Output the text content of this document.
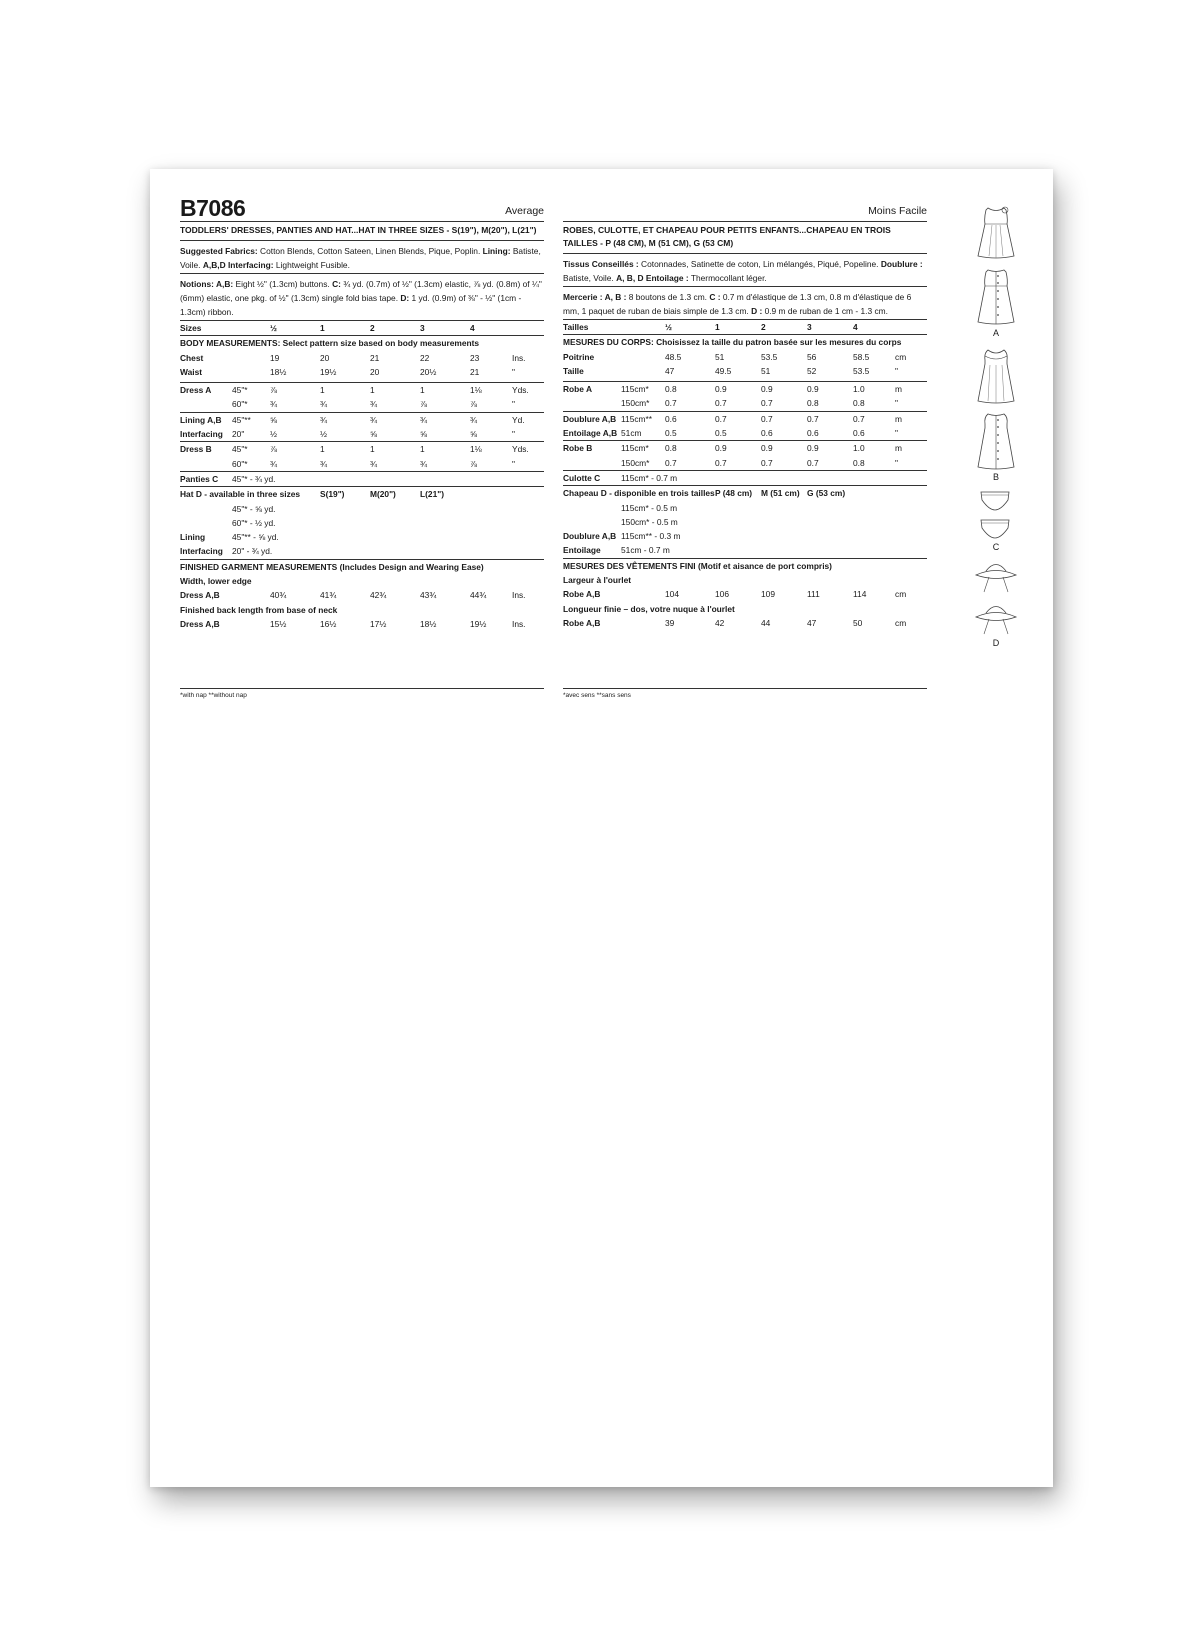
B7086	Average
TODDLERS' DRESSES, PANTIES AND HAT...HAT IN THREE SIZES - S(19"), M(20"), L(21")
Suggested Fabrics: Cotton Blends, Cotton Sateen, Linen Blends, Pique, Poplin. Lining: Batiste, Voile. A,B,D Interfacing: Lightweight Fusible.
Notions: A,B: Eight ½" (1.3cm) buttons. C: ¾ yd. (0.7m) of ½" (1.3cm) elastic, ⅞ yd. (0.8m) of ¼" (6mm) elastic, one pkg. of ½" (1.3cm) single fold bias tape. D: 1 yd. (0.9m) of ⅜" - ½" (1cm - 1.3cm) ribbon.
Sizes	½	1	2	3	4
BODY MEASUREMENTS: Select pattern size based on body measurements
Chest	19	20	21	22	23	Ins.
Waist	18½	19½	20	20½	21	"
Dress A 45"*	⅞	1	1	1	1⅛	Yds.
60"*	¾	¾	¾	⅞	⅞	"
Lining A,B 45"** ⅝	¾	¾	¾	¾	Yd.
Interfacing 20"	½	½	⅝	⅝	⅝	"
Dress B 45"*	⅞	1	1	1	1⅛	Yds.
60"*	¾	¾	¾	¾	⅞	"
Panties C 45"* - ¾ yd.
Hat D - available in three sizes S(19")	M(20")	L(21")
45"* - ⅝ yd.
60"* - ½ yd.
Lining	45"** - ⅝ yd.
Interfacing 20" - ¾ yd.
FINISHED GARMENT MEASUREMENTS (Includes Design and Wearing Ease)
Width, lower edge
Dress A,B	40¾	41¾	42¾	43¾	44¾	Ins.
Finished back length from base of neck
Dress A,B	15½	16½	17½	18½	19½	Ins.
Moins Facile
ROBES, CULOTTE, ET CHAPEAU POUR PETITS ENFANTS...CHAPEAU EN TROIS TAILLES - P (48 CM), M (51 CM), G (53 CM)
Tissus Conseillés : Cotonnades, Satinette de coton, Lin mélangés, Piqué, Popeline. Doublure : Batiste, Voile. A, B, D Entoilage : Thermocollant léger.
Mercerie : A, B : 8 boutons de 1.3 cm. C : 0.7 m d'élastique de 1.3 cm, 0.8 m d'élastique de 6 mm, 1 paquet de ruban de biais simple de 1.3 cm. D : 0.9 m de ruban de 1 cm - 1.3 cm.
Tailles	½	1	2	3	4
MESURES DU CORPS: Choisissez la taille du patron basée sur les mesures du corps
Poitrine	48.5	51	53.5	56	58.5	cm
Taille	47	49.5	51	52	53.5	"
Robe A	115cm* 0.8	0.9	0.9	0.9	1.0	m
150cm* 0.7	0.7	0.7	0.8	0.8	"
Doublure A,B 115cm** 0.6	0.7	0.7	0.7	0.7	m
Entoilage A,B 51cm	0.5	0.5	0.6	0.6	0.6	"
Robe B	115cm* 0.8	0.9	0.9	0.9	1.0	m
150cm* 0.7	0.7	0.7	0.7	0.8	"
Culotte C 115cm* - 0.7 m
Chapeau D - disponible en trois tailles P (48 cm) M (51 cm) G (53 cm)
115cm* - 0.5 m
150cm* - 0.5 m
Doublure A,B 115cm** - 0.3 m
Entoilage 51cm - 0.7 m
MESURES DES VÊTEMENTS FINI (Motif et aisance de port compris)
Largeur à l'ourlet
Robe A,B	104	106	109	111	114	cm
Longueur finie – dos, votre nuque à l'ourlet
Robe A,B	39	42	44	47	50	cm
*with nap **without nap	*avec sens **sans sens
A
B
C
D
